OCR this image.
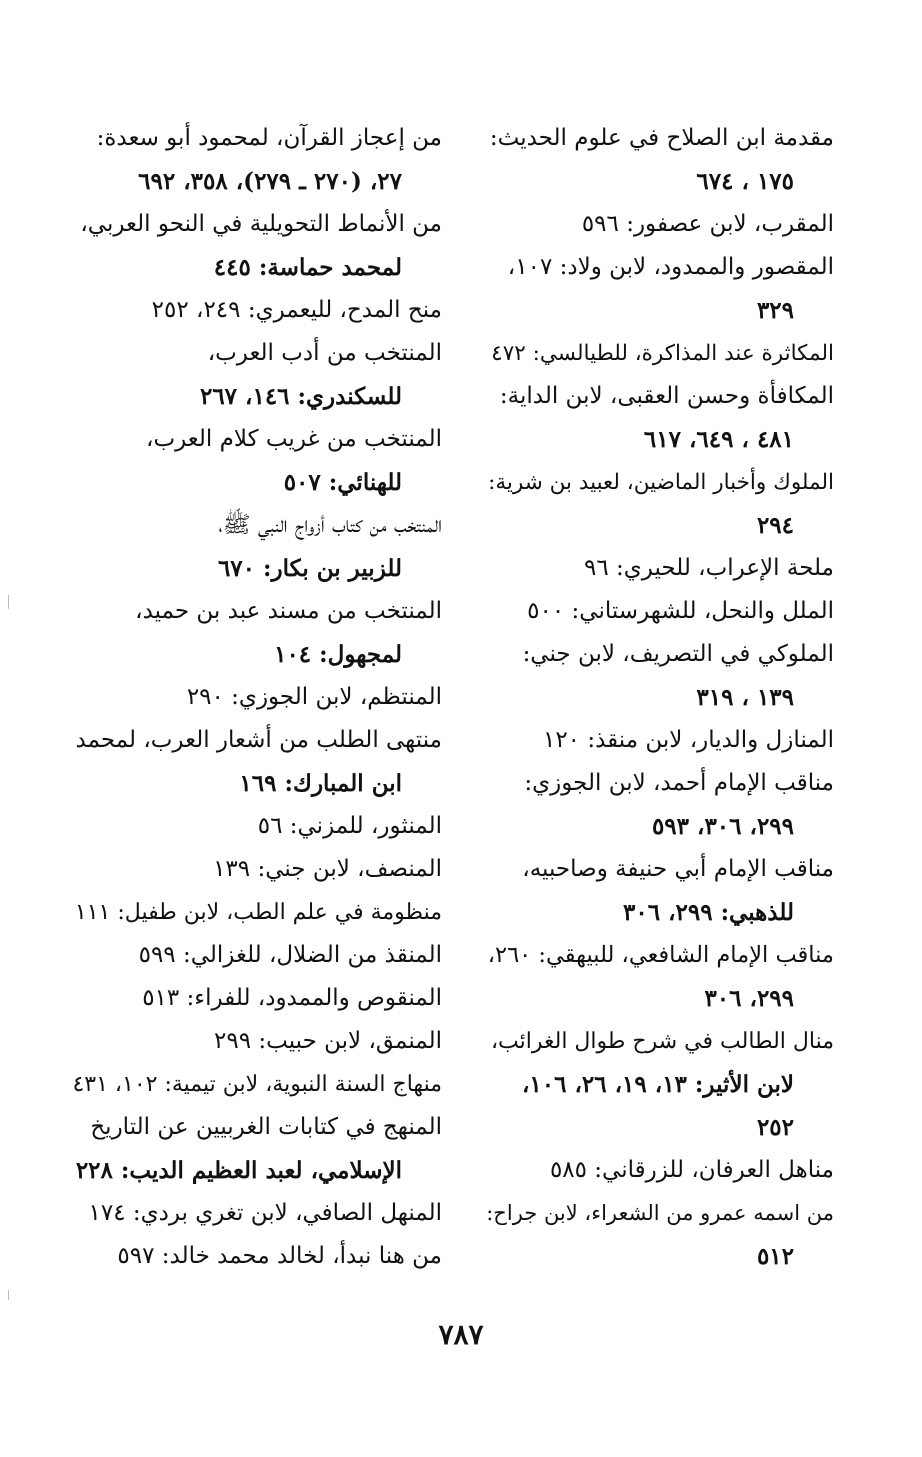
مقدمة ابن الصلاح في علوم الحديث:
١٧٥ ، ٦٧٤
المقرب، لابن عصفور: ٥٩٦
المقصور والممدود، لابن ولاد: ١٠٧،
٣٢٩
المكاثرة عند المذاكرة، للطيالسي: ٤٧٢
المكافأة وحسن العقبى، لابن الداية:
٤٨١ ، ٦٤٩، ٦١٧
الملوك وأخبار الماضين، لعبيد بن شرية:
٢٩٤
ملحة الإعراب، للحيري: ٩٦
الملل والنحل، للشهرستاني: ٥٠٠
الملوكي في التصريف، لابن جني:
١٣٩ ، ٣١٩
المنازل والديار، لابن منقذ: ١٢٠
مناقب الإمام أحمد، لابن الجوزي:
٢٩٩، ٣٠٦، ٥٩٣
مناقب الإمام أبي حنيفة وصاحبيه،
للذهبي: ٢٩٩، ٣٠٦
مناقب الإمام الشافعي، للبيهقي: ٢٦٠،
٢٩٩، ٣٠٦
منال الطالب في شرح طوال الغرائب،
لابن الأثير: ١٣، ١٩، ٢٦، ١٠٦،
٢٥٢
مناهل العرفان، للزرقاني: ٥٨٥
من اسمه عمرو من الشعراء، لابن جراح:
٥١٢
من إعجاز القرآن، لمحمود أبو سعدة:
٢٧، (٢٧٠ ـ ٢٧٩)، ٣٥٨، ٦٩٢
من الأنماط التحويلية في النحو العربي،
لمحمد حماسة: ٤٤٥
منح المدح، لليعمري: ٢٤٩، ٢٥٢
المنتخب من أدب العرب،
للسكندري: ١٤٦، ٢٦٧
المنتخب من غريب كلام العرب،
للهنائي: ٥٠٧
المنتخب من كتاب أزواج النبي ﷺ،
للزبير بن بكار: ٦٧٠
المنتخب من مسند عبد بن حميد،
لمجهول: ١٠٤
المنتظم، لابن الجوزي: ٢٩٠
منتهى الطلب من أشعار العرب، لمحمد
ابن المبارك: ١٦٩
المنثور، للمزني: ٥٦
المنصف، لابن جني: ١٣٩
منظومة في علم الطب، لابن طفيل: ١١١
المنقذ من الضلال، للغزالي: ٥٩٩
المنقوص والممدود، للفراء: ٥١٣
المنمق، لابن حبيب: ٢٩٩
منهاج السنة النبوية، لابن تيمية: ١٠٢، ٤٣١
المنهج في كتابات الغربيين عن التاريخ
الإسلامي، لعبد العظيم الديب: ٢٢٨
المنهل الصافي، لابن تغري بردي: ١٧٤
من هنا نبدأ، لخالد محمد خالد: ٥٩٧
٧٨٧
